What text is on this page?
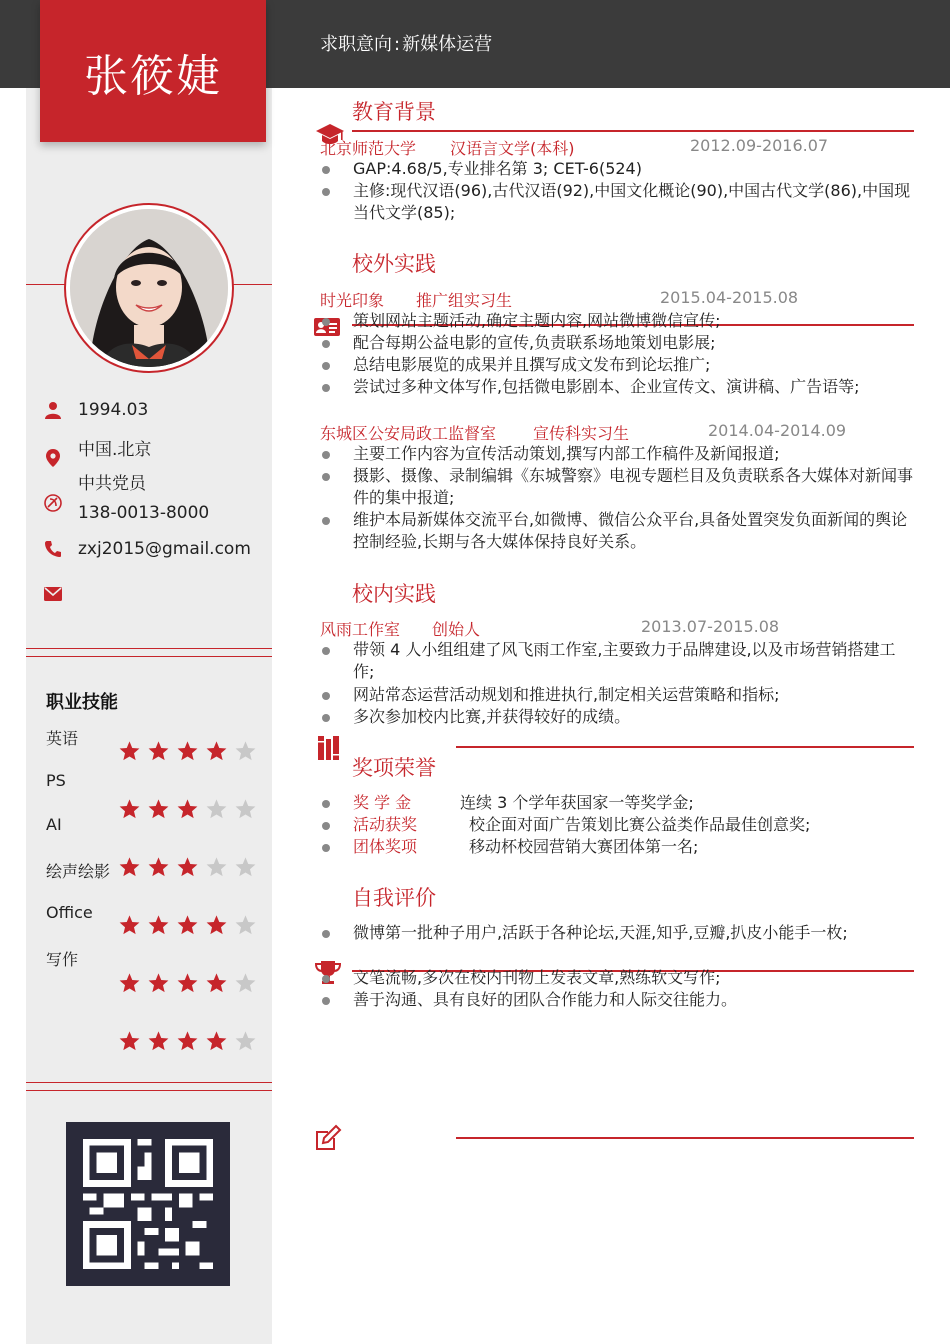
求职意向 : 新媒体运营
张筱婕
1994.03
中国.北京
中共党员
138-0013-8000
zxj2015@gmail.com
职业技能
英语
PS
AI
绘声绘影
Office
写作
教育背景
北京师范大学 汉语言文学(本科)	2012.09-2016.07
GAP:4.68/5,专业排名第 3; CET-6(524)
主修:现代汉语(96),古代汉语(92),中国文化概论(90),中国古代文学(86),中国现当代文学(85);
校外实践
时光印象 推广组实习生	2015.04-2015.08
策划网站主题活动,确定主题内容,网站微博微信宣传;
配合每期公益电影的宣传,负责联系场地策划电影展;
总结电影展览的成果并且撰写成文发布到论坛推广;
尝试过多种文体写作,包括微电影剧本、企业宣传文、演讲稿、广告语等;
东城区公安局政工监督室 宣传科实习生	2014.04-2014.09
主要工作内容为宣传活动策划,撰写内部工作稿件及新闻报道;
摄影、摄像、录制编辑《东城警察》电视专题栏目及负责联系各大媒体对新闻事件的集中报道;
维护本局新媒体交流平台,如微博、微信公众平台,具备处置突发负面新闻的舆论控制经验,长期与各大媒体保持良好关系。
校内实践
风雨工作室 创始人	2013.07-2015.08
带领 4 人小组组建了风飞雨工作室,主要致力于品牌建设,以及市场营销搭建工作;
网站常态运营活动规划和推进执行,制定相关运营策略和指标;
多次参加校内比赛,并获得较好的成绩。
奖项荣誉
奖 学 金	连续 3 个学年获国家一等奖学金;
活动获奖	校企面对面广告策划比赛公益类作品最佳创意奖;
团体奖项	移动杯校园营销大赛团体第一名;
自我评价
微博第一批种子用户,活跃于各种论坛,天涯,知乎,豆瓣,扒皮小能手一枚;
文笔流畅,多次在校内刊物上发表文章,熟练软文写作;
善于沟通、具有良好的团队合作能力和人际交往能力。
